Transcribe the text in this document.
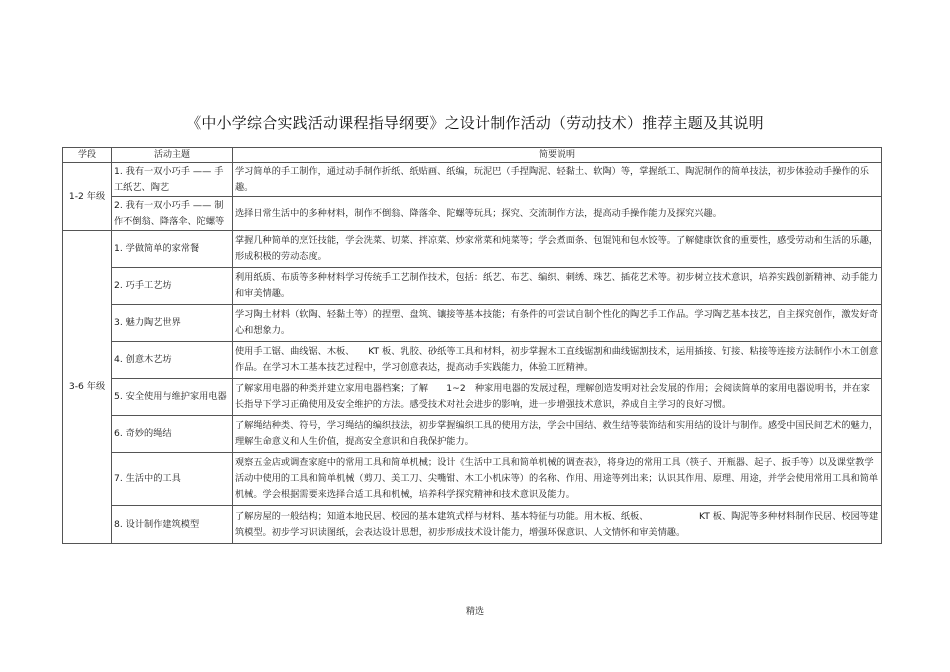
《中小学综合实践活动课程指导纲要》之设计制作活动（劳动技术）推荐主题及其说明
学段	活动主题	简要说明
1-2 年级	1. 我有一双小巧手 —— 手工纸艺、陶艺	学习简单的手工制作，通过动手制作折纸、纸贴画、纸编，玩泥巴（手捏陶泥、轻黏土、软陶）等，掌握纸工、陶泥制作的简单技法，初步体验动手操作的乐趣。
	2. 我有一双小巧手 —— 制作不倒翁、降落伞、陀螺等	选择日常生活中的多种材料，制作不倒翁、降落伞、陀螺等玩具；探究、交流制作方法，提高动手操作能力及探究兴趣。
3-6 年级	1. 学做简单的家常餐	掌握几种简单的烹饪技能，学会洗菜、切菜、拌凉菜、炒家常菜和炖菜等；学会煮面条、包馄饨和包水饺等。了解健康饮食的重要性，感受劳动和生活的乐趣，形成积极的劳动态度。
	2. 巧手工艺坊	利用纸质、布质等多种材料学习传统手工艺制作技术，包括：纸艺、布艺、编织、刺绣、珠艺、插花艺术等。初步树立技术意识，培养实践创新精神、动手能力和审美情趣。
	3. 魅力陶艺世界	学习陶土材料（软陶、轻黏土等）的捏塑、盘筑、镶接等基本技能；有条件的可尝试自制个性化的陶艺手工作品。学习陶艺基本技艺，自主探究创作，激发好奇心和想象力。
	4. 创意木艺坊	使用手工锯、曲线锯、木板、　　KT 板、乳胶、砂纸等工具和材料，初步掌握木工直线锯割和曲线锯割技术，运用插接、钉接、粘接等连接方法制作小木工创意作品。在学习木工基本技艺过程中，学习创意表达，提高动手实践能力，体验工匠精神。
	5. 安全使用与维护家用电器	了解家用电器的种类并建立家用电器档案；了解　　1~2　种家用电器的发展过程，理解创造发明对社会发展的作用；会阅读简单的家用电器说明书，并在家长指导下学习正确使用及安全维护的方法。感受技术对社会进步的影响，进一步增强技术意识，养成自主学习的良好习惯。
	6. 奇妙的绳结	了解绳结种类、符号，学习绳结的编织技法，初步掌握编织工具的使用方法，学会中国结、救生结等装饰结和实用结的设计与制作。感受中国民间艺术的魅力，理解生命意义和人生价值，提高安全意识和自我保护能力。
	7. 生活中的工具	观察五金店或调查家庭中的常用工具和简单机械；设计《生活中工具和简单机械的调查表》，将身边的常用工具（筷子、开瓶器、起子、扳手等）以及课堂教学活动中使用的工具和简单机械（剪刀、美工刀、尖嘴钳、木工小机床等）的名称、作用、用途等列出来；认识其作用、原理、用途，并学会使用常用工具和简单机械。学会根据需要来选择合适工具和机械，培养科学探究精神和技术意识及能力。
	8. 设计制作建筑模型	了解房屋的一般结构；知道本地民居、校园的基本建筑式样与材料、基本特征与功能。用木板、纸板、　　　　　　KT 板、陶泥等多种材料制作民居、校园等建筑模型。初步学习识读图纸，会表达设计思想，初步形成技术设计能力，增强环保意识、人文情怀和审美情趣。
精选
